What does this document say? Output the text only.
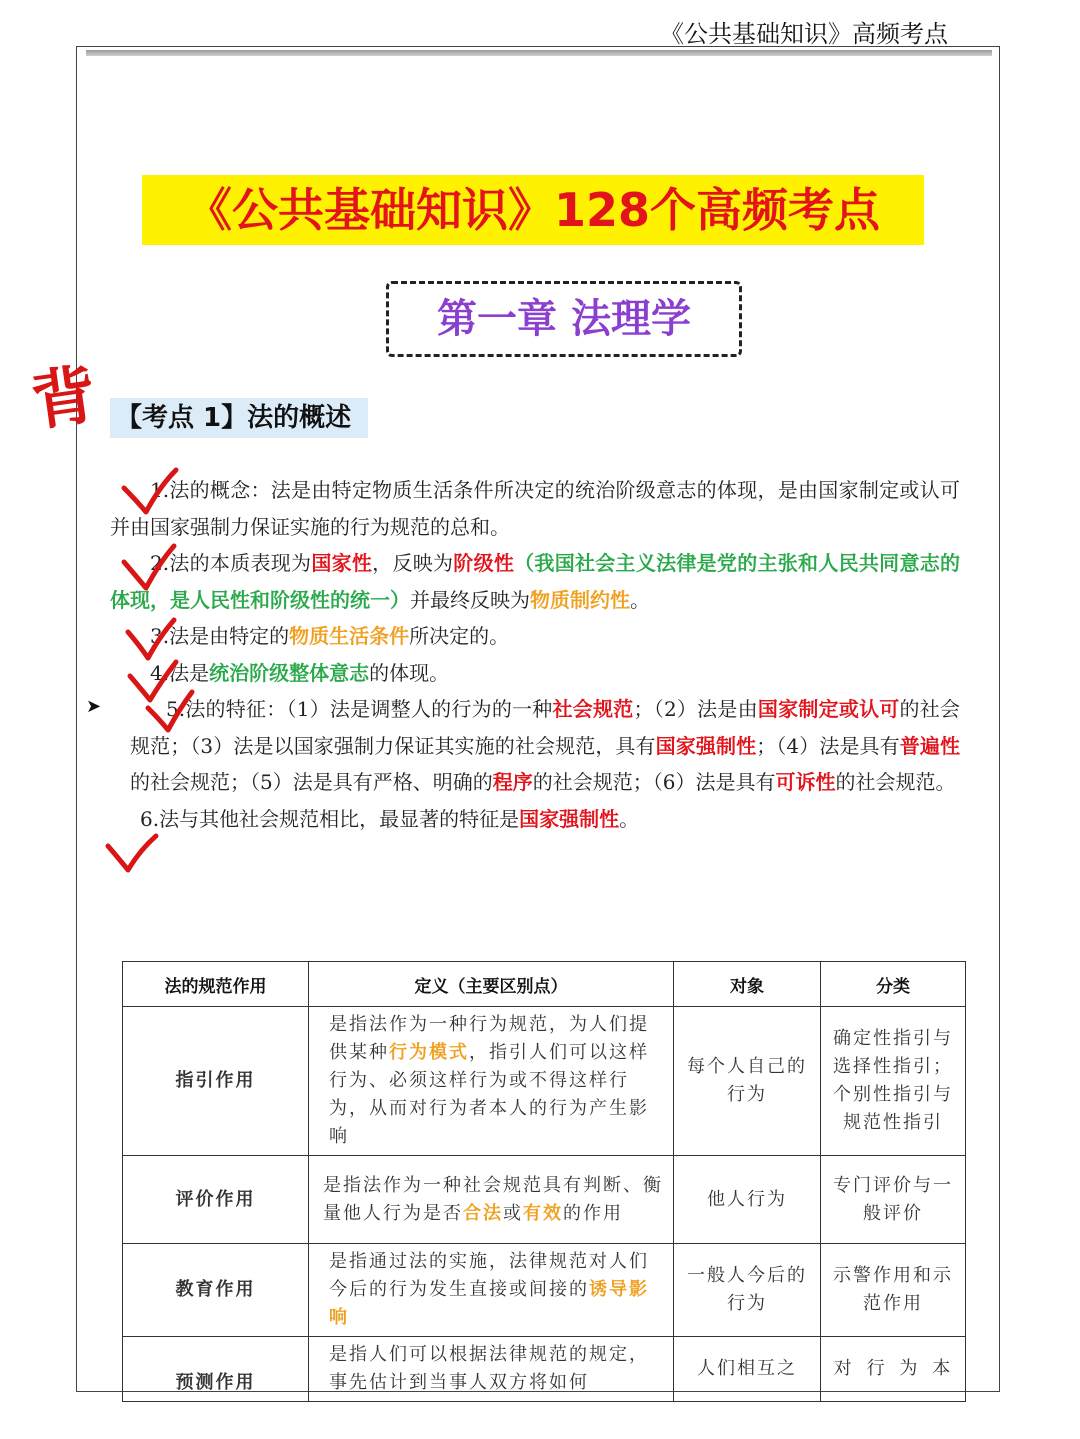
《公共基础知识》高频考点
《公共基础知识》128个高频考点
第一章 法理学
背 【考点 1】法的概述

1.法的概念：法是由特定物质生活条件所决定的统治阶级意志的体现，是由国家制定或认可并由国家强制力保证实施的行为规范的总和。

2.法的本质表现为国家性，反映为阶级性（我国社会主义法律是党的主张和人民共同意志的体现，是人民性和阶级性的统一）并最终反映为物质制约性。

3.法是由特定的物质生活条件所决定的。

4.法是统治阶级整体意志的体现。

5.法的特征：（1）法是调整人的行为的一种社会规范；（2）法是由国家制定或认可的社会规范；（3）法是以国家强制力保证其实施的社会规范，具有国家强制性；（4）法是具有普遍性的社会规范；（5）法是具有严格、明确的程序的社会规范；（6）法是具有可诉性的社会规范。

6.法与其他社会规范相比，最显著的特征是国家强制性。

➤
法的规范作用	定义（主要区别点）	对象	分类
指引作用	是指法作为一种行为规范，为人们提供某种行为模式，指引人们可以这样行为、必须这样行为或不得这样行为，从而对行为者本人的行为产生影响	每个人自己的行为	确定性指引与选择性指引；个别性指引与规范性指引
评价作用	是指法作为一种社会规范具有判断、衡量他人行为是否合法或有效的作用	他人行为	专门评价与一般评价
教育作用	是指通过法的实施，法律规范对人们今后的行为发生直接或间接的诱导影响	一般人今后的行为	示警作用和示范作用
预测作用	是指人们可以根据法律规范的规定，事先估计到当事人双方将如何	人们相互之	对 行 为 本
